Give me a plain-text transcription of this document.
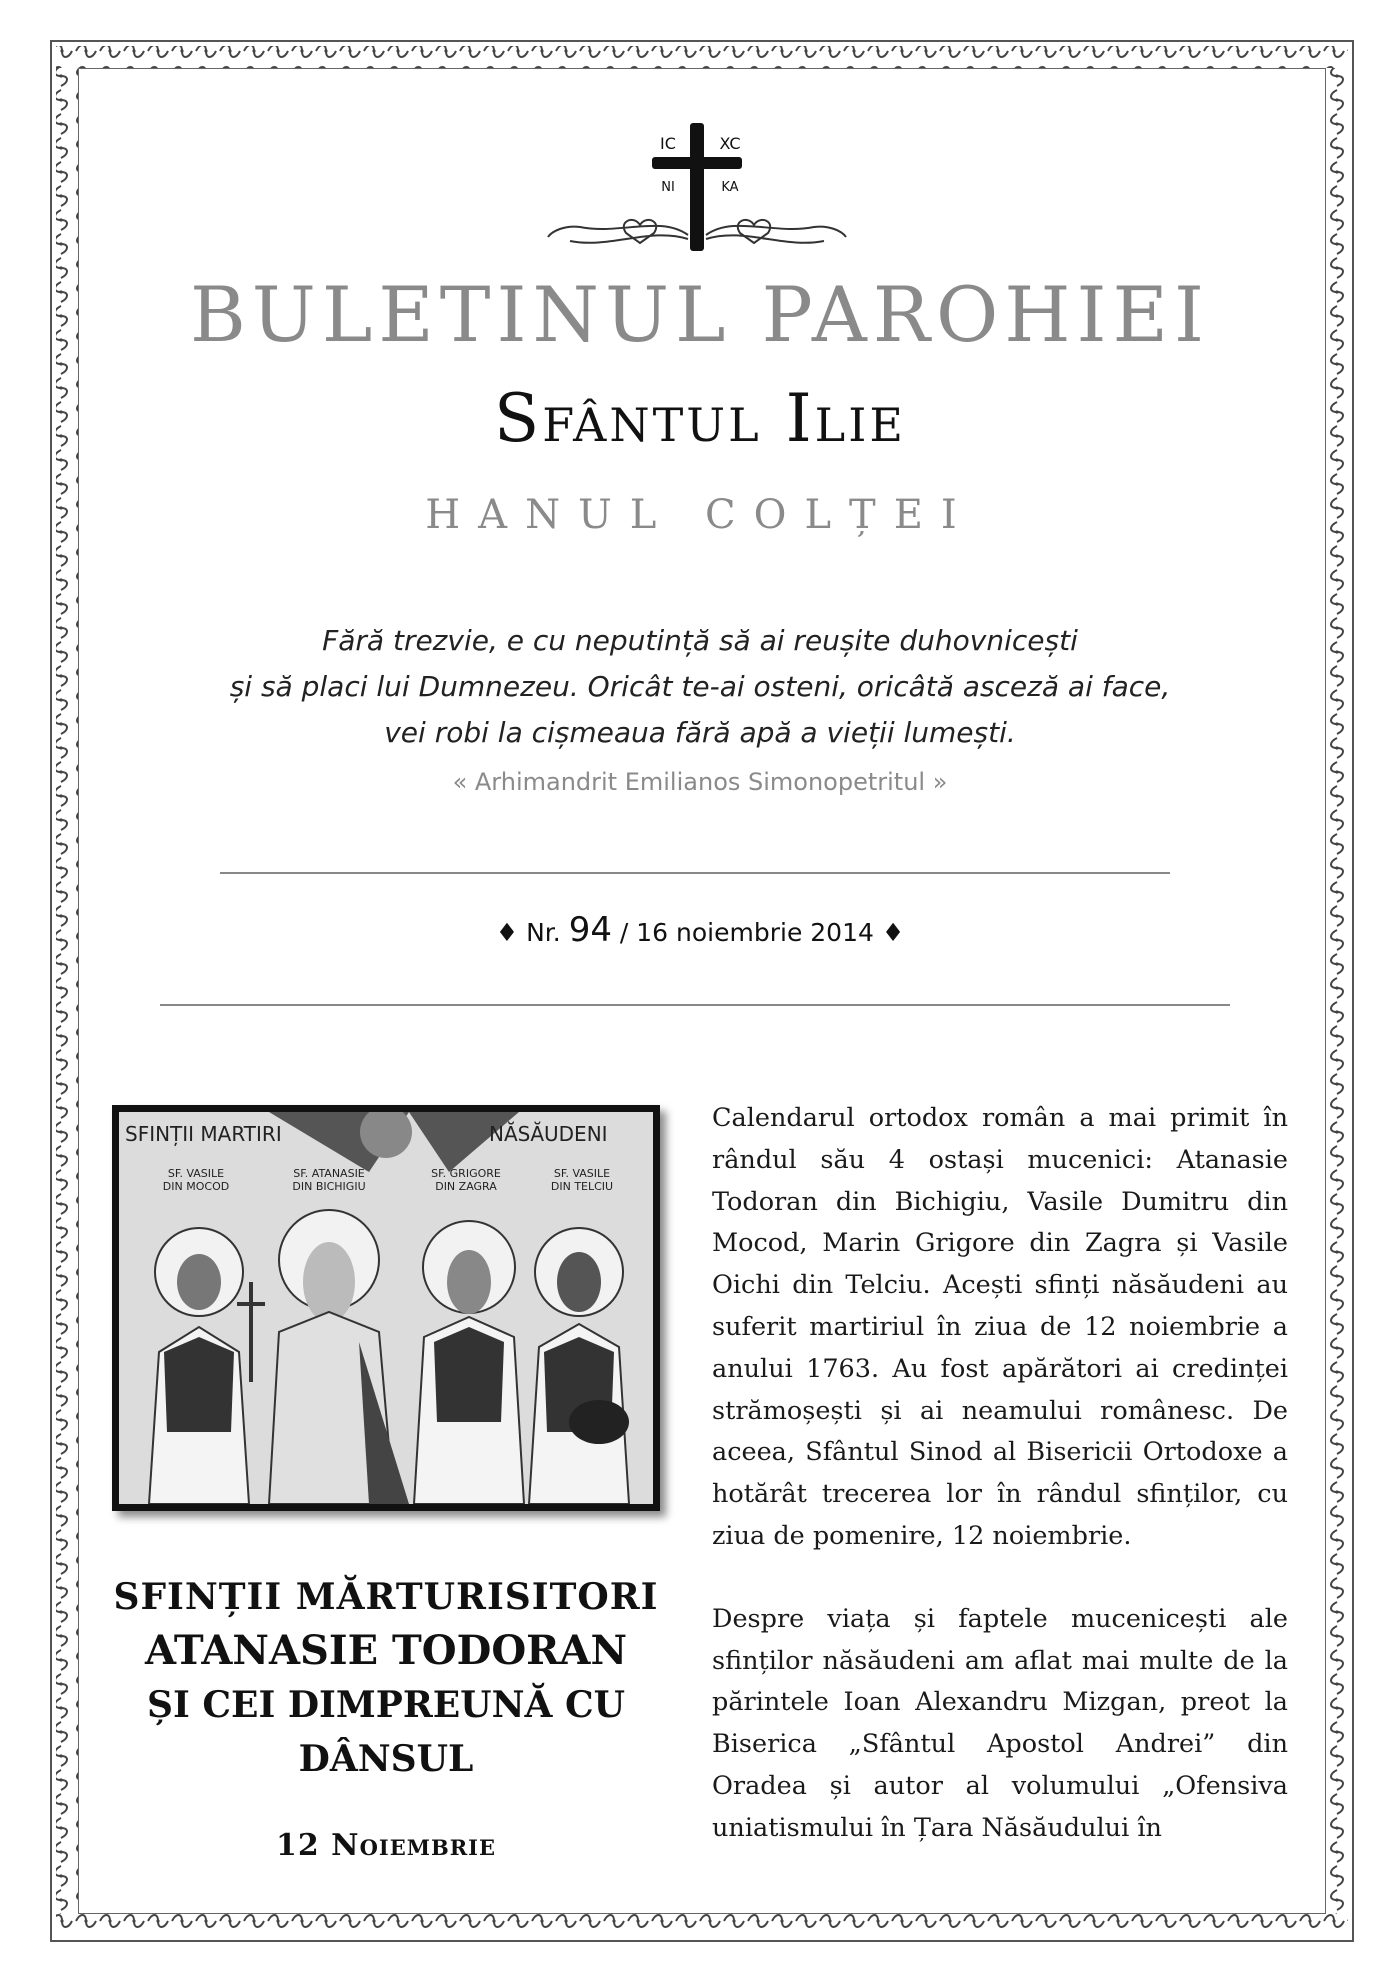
IC	XC
NI	KA
BULETINUL PAROHIEI
Sfântul Ilie
HANUL COLȚEI
Fără trezvie, e cu neputință să ai reușite duhovnicești
și să placi lui Dumnezeu. Oricât te-ai osteni, oricâtă asceză ai face,
vei robi la cișmeaua fără apă a vieții lumești.
« Arhimandrit Emilianos Simonopetritul »
♦ Nr. 94 / 16 noiembrie 2014 ♦
SFINȚII MARTIRI	NĂSĂUDENI
SF. VASILE
DIN MOCOD
SF. ATANASIE
DIN BICHIGIU
SF. GRIGORE
DIN ZAGRA
SF. VASILE
DIN TELCIU
SFINȚII MĂRTURISITORI
ATANASIE TODORAN
ȘI CEI DIMPREUNĂ CU
DÂNSUL
12 Noiembrie

Calendarul ortodox român a mai primit în rândul său 4 ostași mucenici: Atanasie Todoran din Bichigiu, Vasile Dumitru din Mocod, Marin Grigore din Zagra și Vasile Oichi din Telciu. Acești sfinți năsăudeni au suferit martiriul în ziua de 12 noiembrie a anului 1763. Au fost apărători ai credinței strămoșești și ai neamului românesc. De aceea, Sfântul Sinod al Bisericii Ortodoxe a hotărât trecerea lor în rândul sfinților, cu ziua de pomenire, 12 noiembrie.

Despre viața și faptele mucenicești ale sfinților năsăudeni am aflat mai multe de la părintele Ioan Alexandru Mizgan, preot la Biserica „Sfântul Apostol Andrei” din Oradea și autor al volumului „Ofensiva uniatismului în Țara Năsăudului în
